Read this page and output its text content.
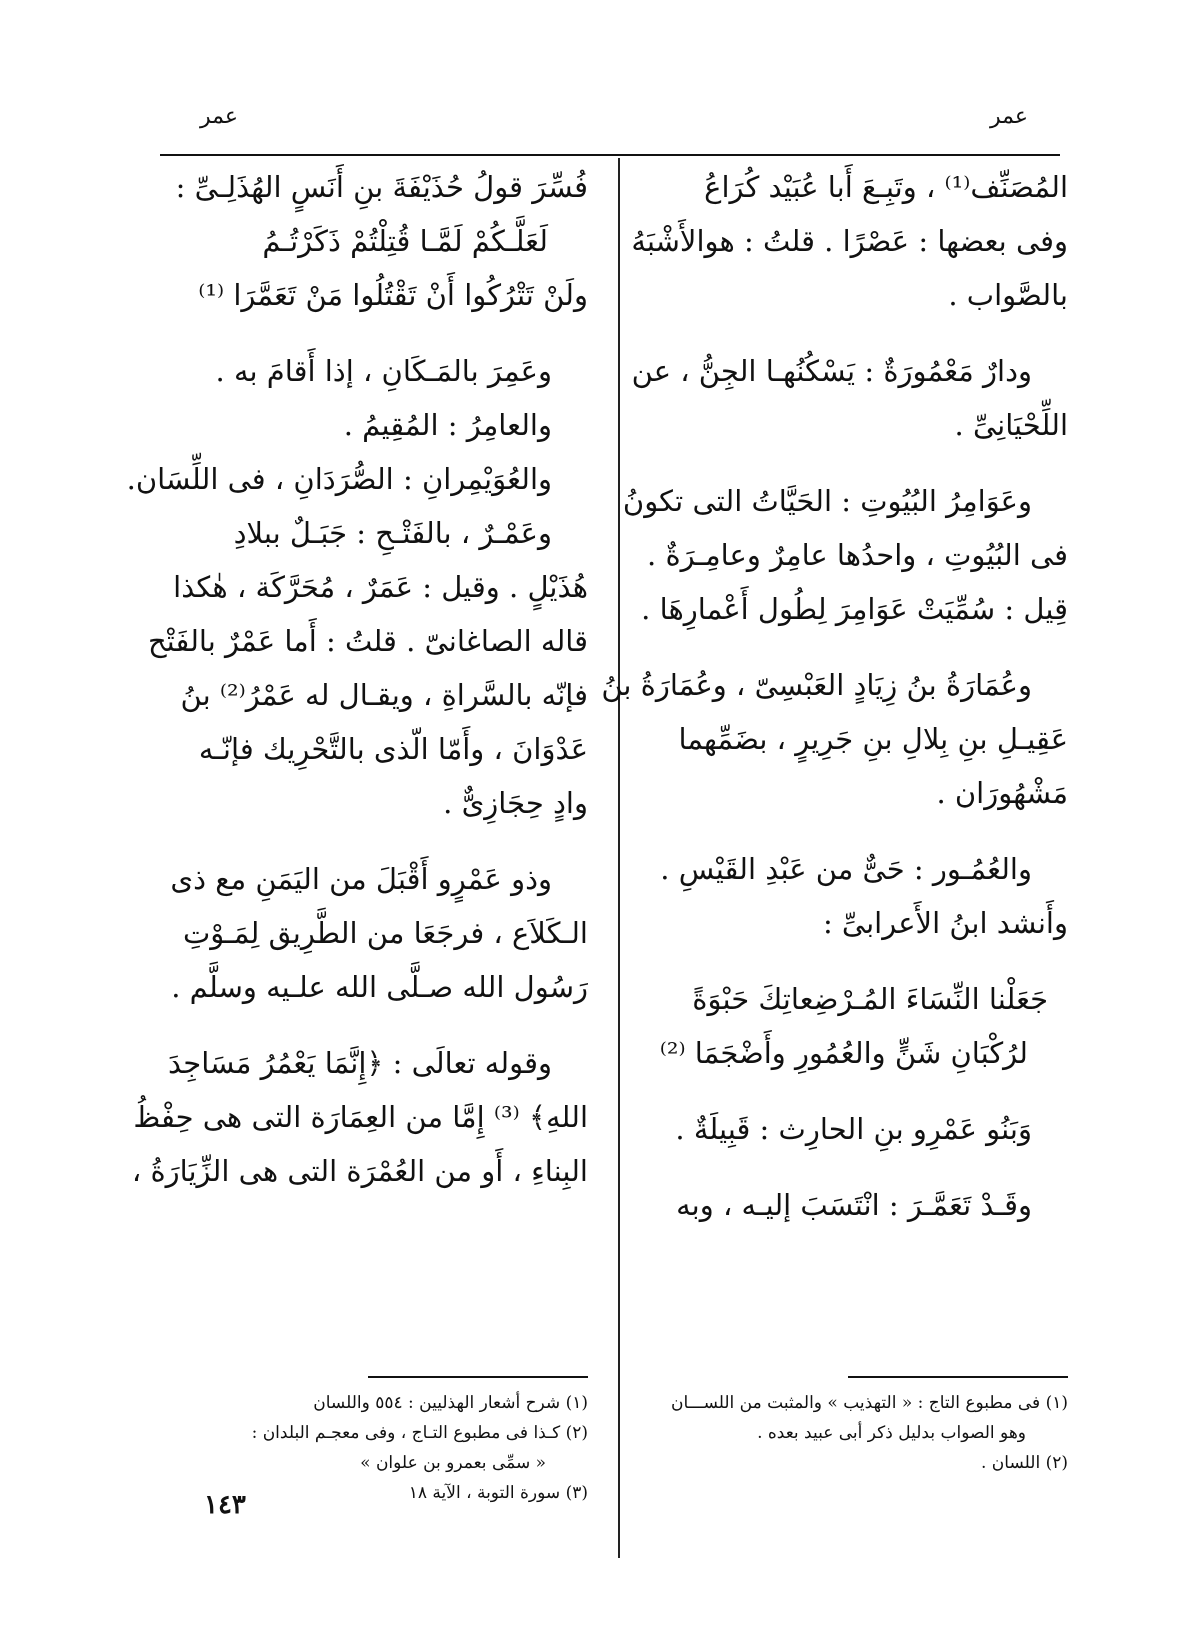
عمر
عمر
المُصَنِّف⁽¹⁾ ، وتَبِـعَ أَبا عُبَيْد كُرَاعُ
وفى بعضها : عَصْرًا . قلتُ : هوالأَشْبَهُ
بالصَّواب .
ودارٌ مَعْمُورَةٌ : يَسْكُنُهـا الجِنُّ ، عن
اللِّحْيَانِىِّ .
وعَوَامِرُ البُيُوتِ : الحَيَّاتُ التى تكونُ
فى البُيُوتِ ، واحدُها عامِرٌ وعامِـرَةٌ .
قِيل : سُمِّيَتْ عَوَامِرَ لِطُول أَعْمارِهَا .
وعُمَارَةُ بنُ زِيَادٍ العَبْسِىّ ، وعُمَارَةُ بنُ
عَقِيـلِ بنِ بِلالِ بنِ جَرِيرٍ ، بضَمِّهما
مَشْهُورَان .
والعُمُـور : حَىٌّ من عَبْدِ القَيْسِ .
وأَنشد ابنُ الأَعرابىِّ :
جَعَلْنا النِّسَاءَ المُـرْضِعاتِكَ حَبْوَةً
لرُكْبَانِ شَنٍّ والعُمُورِ وأَضْجَمَا ⁽²⁾
وَبَنُو عَمْرِو بنِ الحارِث : قَبِيلَةٌ .
وقَـدْ تَعَمَّـرَ : انْتَسَبَ إليـه ، وبه
فُسِّرَ قولُ حُذَيْفَةَ بنِ أَنَسٍ الهُذَلِـىِّ :
لَعَلَّـكُمْ لَمَّـا قُتِلْتُمْ ذَكَرْتُـمُ
ولَنْ تَتْرُكُوا أَنْ تَقْتُلُوا مَنْ تَعَمَّرَا ⁽¹⁾
وعَمِرَ بالمَـكَانِ ، إذا أَقامَ به .
والعامِرُ : المُقِيمُ .
والعُوَيْمِرانِ : الصُّرَدَانِ ، فى اللِّسَان.
وعَمْـرٌ ، بالفَتْـحِ : جَبَـلٌ ببلادِ
هُذَيْلٍ . وقيل : عَمَرٌ ، مُحَرَّكَة ، هٰكذا
قاله الصاغانىّ . قلتُ : أَما عَمْرٌ بالفَتْح
فإنّه بالسَّراةِ ، ويقـال له عَمْرُ⁽²⁾ بنُ
عَدْوَانَ ، وأَمّا الّذى بالتَّحْرِيك فإنّـه
وادٍ حِجَازِىٌّ .
وذو عَمْرٍو أَقْبَلَ من اليَمَنِ مع ذى
الـكَلاَع ، فرجَعَا من الطَّرِيق لِمَـوْتِ
رَسُول الله صـلَّى الله علـيه وسلَّم .
وقوله تعالَى : ﴿إِنَّمَا يَعْمُرُ مَسَاجِدَ
اللهِ﴾ ⁽³⁾ إِمَّا من العِمَارَة التى هى حِفْظُ
البِناءِ ، أَو من العُمْرَة التى هى الزِّيَارَةُ ،
(١) فى مطبوع التاج : « التهذيب » والمثبت من اللســـان
وهو الصواب بدليل ذكر أبى عبيد بعده .
(٢) اللسان .
(١) شرح أشعار الهذليين : ٥٥٤ واللسان
(٢) كـذا فى مطبوع التـاج ، وفى معجـم البلدان :
« سمِّى بعمرو بن علوان »
(٣) سورة التوبة ، الآية ١٨
١٤٣
